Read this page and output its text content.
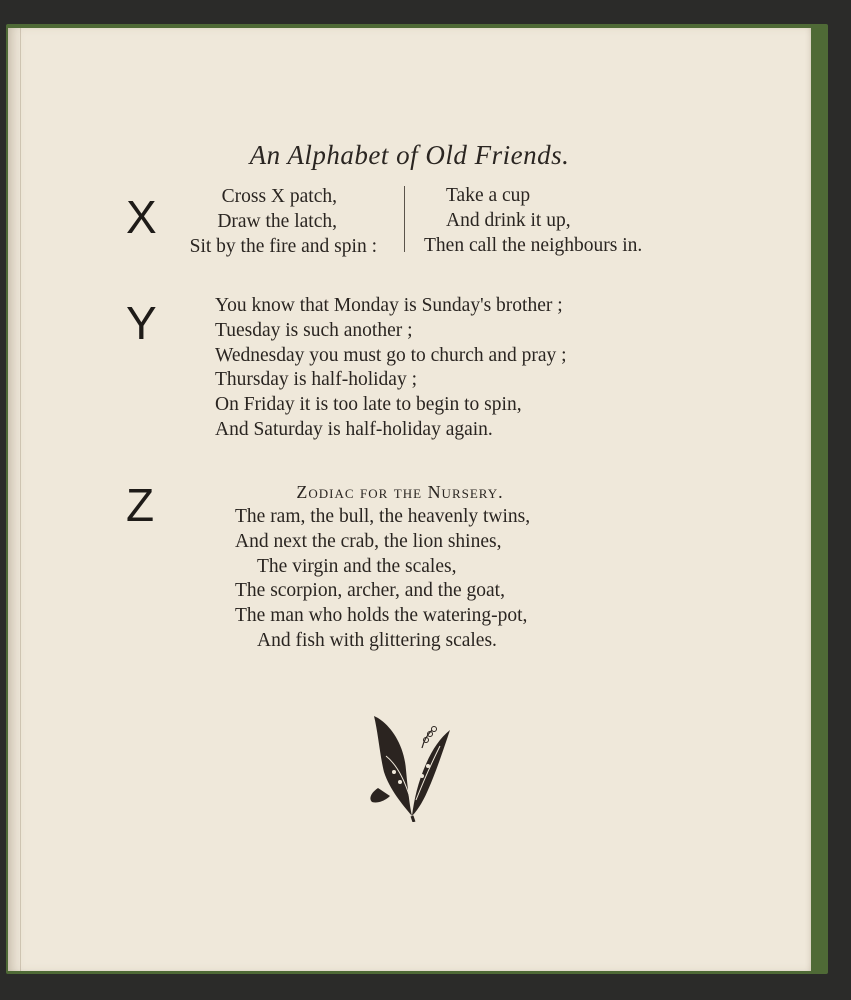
An Alphabet of Old Friends.
X	Cross X patch,
Draw the latch,
Sit by the fire and spin :
Take a cup
And drink it up,
Then call the neighbours in.
Y	You know that Monday is Sunday's brother ;
Tuesday is such another ;
Wednesday you must go to church and pray ;
Thursday is half-holiday ;
On Friday it is too late to begin to spin,
And Saturday is half-holiday again.
Z	Zodiac for the Nursery.
The ram, the bull, the heavenly twins,
And next the crab, the lion shines,
The virgin and the scales,
The scorpion, archer, and the goat,
The man who holds the watering-pot,
And fish with glittering scales.
